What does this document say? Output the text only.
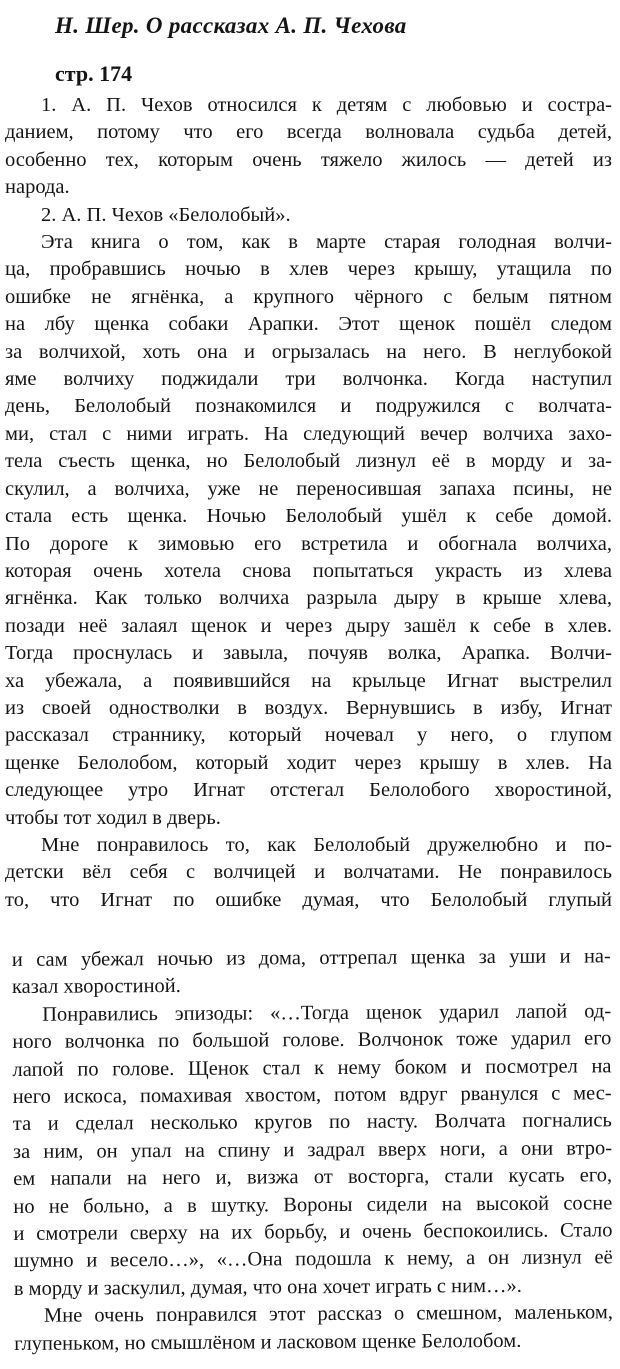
Н. Шер. О рассказах А. П. Чехова
стр. 174

1. А. П. Чехов относился к детям с любовью и состра-
данием, потому что его всегда волновала судьба детей,
особенно тех, которым очень тяжело жилось — детей из
народа.

2. А. П. Чехов «Белолобый».

Эта книга о том, как в марте старая голодная волчи-
ца, пробравшись ночью в хлев через крышу, утащила по
ошибке не ягнёнка, а крупного чёрного с белым пятном
на лбу щенка собаки Арапки. Этот щенок пошёл следом
за волчихой, хоть она и огрызалась на него. В неглубокой
яме волчиху поджидали три волчонка. Когда наступил
день, Белолобый познакомился и подружился с волчата-
ми, стал с ними играть. На следующий вечер волчиха захо-
тела съесть щенка, но Белолобый лизнул её в морду и за-
скулил, а волчиха, уже не переносившая запаха псины, не
стала есть щенка. Ночью Белолобый ушёл к себе домой.
По дороге к зимовью его встретила и обогнала волчиха,
которая очень хотела снова попытаться украсть из хлева
ягнёнка. Как только волчиха разрыла дыру в крыше хлева,
позади неё залаял щенок и через дыру зашёл к себе в хлев.
Тогда проснулась и завыла, почуяв волка, Арапка. Волчи-
ха убежала, а появившийся на крыльце Игнат выстрелил
из своей одностволки в воздух. Вернувшись в избу, Игнат
рассказал страннику, который ночевал у него, о глупом
щенке Белолобом, который ходит через крышу в хлев. На
следующее утро Игнат отстегал Белолобого хворостиной,
чтобы тот ходил в дверь.

Мне понравилось то, как Белолобый дружелюбно и по-
детски вёл себя с волчицей и волчатами. Не понравилось
то, что Игнат по ошибке думая, что Белолобый глупый

и сам убежал ночью из дома, оттрепал щенка за уши и на-
казал хворостиной.

Понравились эпизоды: «…Тогда щенок ударил лапой од-
ного волчонка по большой голове. Волчонок тоже ударил его
лапой по голове. Щенок стал к нему боком и посмотрел на
него искоса, помахивая хвостом, потом вдруг рванулся с мес-
та и сделал несколько кругов по насту. Волчата погнались
за ним, он упал на спину и задрал вверх ноги, а они втро-
ем напали на него и, визжа от восторга, стали кусать его,
но не больно, а в шутку. Вороны сидели на высокой сосне
и смотрели сверху на их борьбу, и очень беспокоились. Стало
шумно и весело…», «…Она подошла к нему, а он лизнул её
в морду и заскулил, думая, что она хочет играть с ним…».

Мне очень понравился этот рассказ о смешном, маленьком,
глупеньком, но смышлёном и ласковом щенке Белолобом.
